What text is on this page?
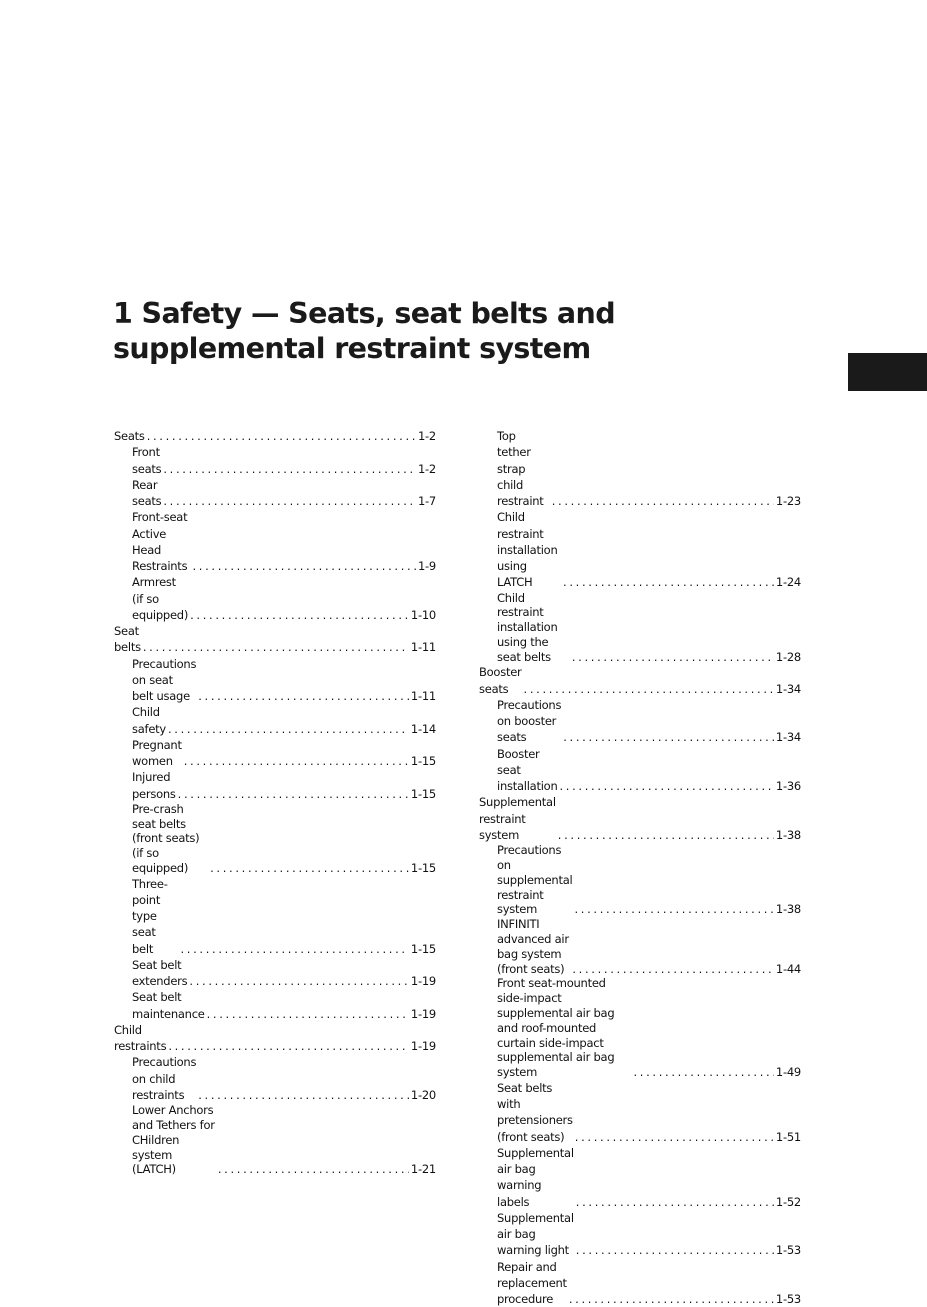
1 Safety — Seats, seat belts and supplemental restraint system
Seats . . .	1-2
Front seats . . .	1-2
Rear seats . . .	1-7
Front-seat Active Head Restraints . . .	1-9
Armrest (if so equipped) . . .	1-10
Seat belts . . .	1-11
Precautions on seat belt usage . . .	1-11
Child safety . . .	1-14
Pregnant women . . .	1-15
Injured persons . . .	1-15
Pre-crash seat belts (front seats) (if so equipped) . . .	1-15
Three-point type seat belt . . .	1-15
Seat belt extenders . . .	1-19
Seat belt maintenance . . .	1-19
Child restraints . . .	1-19
Precautions on child restraints . . .	1-20
Lower Anchors and Tethers for CHildren system (LATCH) . . .	1-21
Top tether strap child restraint . . .	1-23
Child restraint installation using LATCH . . .	1-24
Child restraint installation using the seat belts . . .	1-28
Booster seats . . .	1-34
Precautions on booster seats . . .	1-34
Booster seat installation . . .	1-36
Supplemental restraint system . . .	1-38
Precautions on supplemental restraint system . . .	1-38
INFINITI advanced air bag system (front seats) . . .	1-44
Front seat-mounted side-impact supplemental air bag and roof-mounted curtain side-impact supplemental air bag system . . .	1-49
Seat belts with pretensioners (front seats) . . .	1-51
Supplemental air bag warning labels . . .	1-52
Supplemental air bag warning light . . .	1-53
Repair and replacement procedure . . .	1-53
